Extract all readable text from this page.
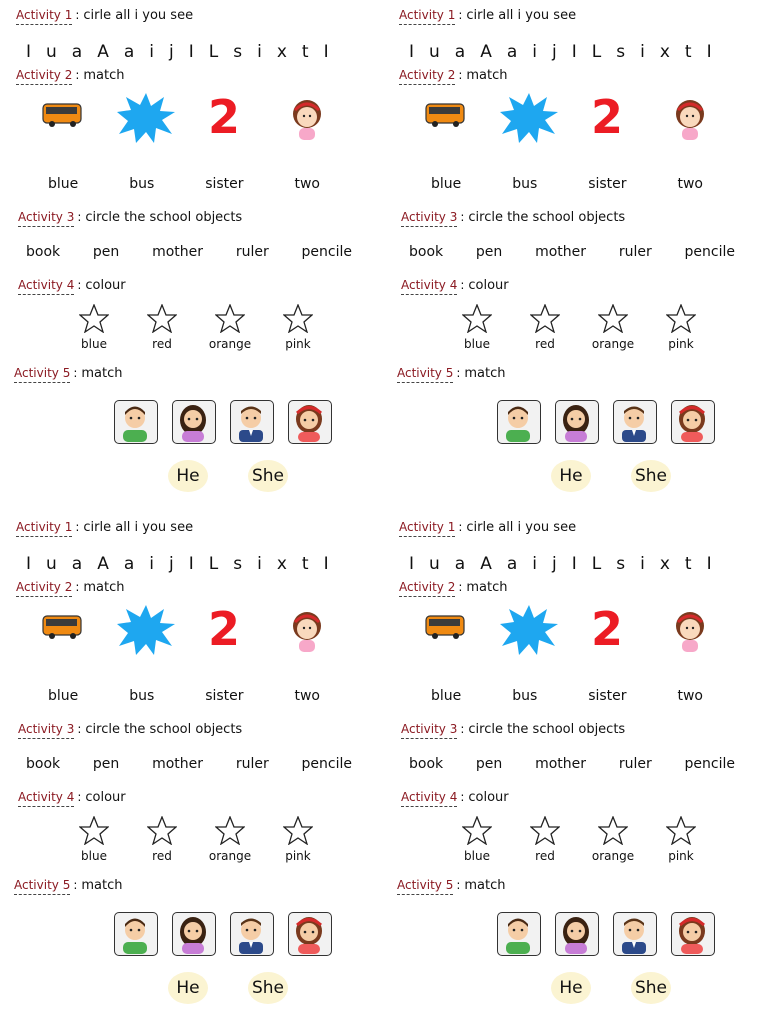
Activity 1 : cirle all i you see
I u a A a i j I L s i x t I
Activity 2 : match
2
blue	bus	sister	two
Activity 3 : circle the school objects
book pen mother ruler pencile
Activity 4 : colour
blue	red	orange	pink
Activity 5 : match
He	She
Activity 1 : cirle all i you see
I u a A a i j I L s i x t I
Activity 2 : match
2
blue	bus	sister	two
Activity 3 : circle the school objects
book pen mother ruler pencile
Activity 4 : colour
blue	red	orange	pink
Activity 5 : match
He	She
Activity 1 : cirle all i you see
I u a A a i j I L s i x t I
Activity 2 : match
2
blue	bus	sister	two
Activity 3 : circle the school objects
book pen mother ruler pencile
Activity 4 : colour
blue	red	orange	pink
Activity 5 : match
He	She
Activity 1 : cirle all i you see
I u a A a i j I L s i x t I
Activity 2 : match
2
blue	bus	sister	two
Activity 3 : circle the school objects
book pen mother ruler pencile
Activity 4 : colour
blue	red	orange	pink
Activity 5 : match
He	She
